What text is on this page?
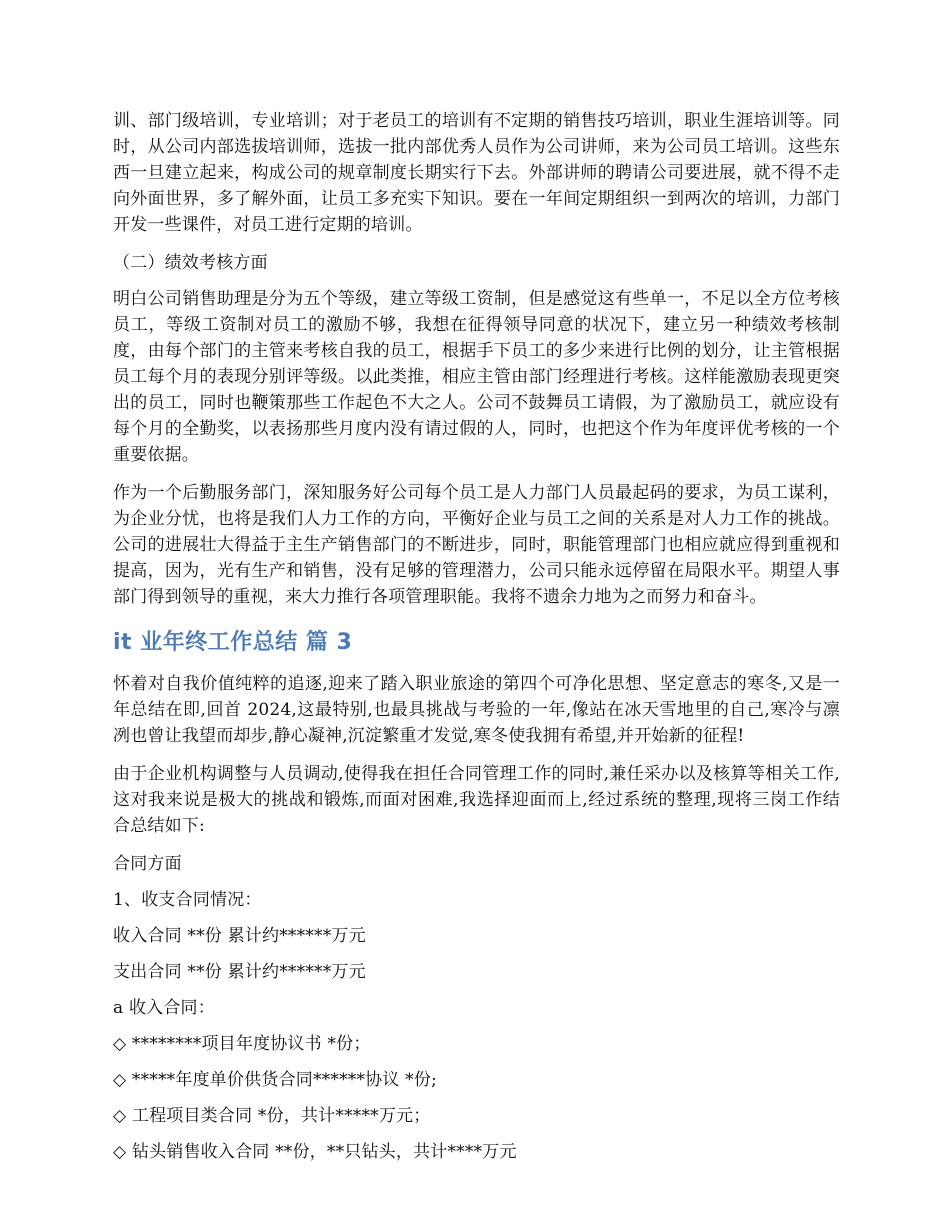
训、部门级培训，专业培训；对于老员工的培训有不定期的销售技巧培训，职业生涯培训等。同时，从公司内部选拔培训师，选拔一批内部优秀人员作为公司讲师，来为公司员工培训。这些东西一旦建立起来，构成公司的规章制度长期实行下去。外部讲师的聘请公司要进展，就不得不走向外面世界，多了解外面，让员工多充实下知识。要在一年间定期组织一到两次的培训，力部门开发一些课件，对员工进行定期的培训。

（二）绩效考核方面

明白公司销售助理是分为五个等级，建立等级工资制，但是感觉这有些单一，不足以全方位考核员工，等级工资制对员工的激励不够，我想在征得领导同意的状况下，建立另一种绩效考核制度，由每个部门的主管来考核自我的员工，根据手下员工的多少来进行比例的划分，让主管根据员工每个月的表现分别评等级。以此类推，相应主管由部门经理进行考核。这样能激励表现更突出的员工，同时也鞭策那些工作起色不大之人。公司不鼓舞员工请假，为了激励员工，就应设有每个月的全勤奖，以表扬那些月度内没有请过假的人，同时，也把这个作为年度评优考核的一个重要依据。

作为一个后勤服务部门，深知服务好公司每个员工是人力部门人员最起码的要求，为员工谋利，为企业分忧，也将是我们人力工作的方向，平衡好企业与员工之间的关系是对人力工作的挑战。公司的进展壮大得益于主生产销售部门的不断进步，同时，职能管理部门也相应就应得到重视和提高，因为，光有生产和销售，没有足够的管理潜力，公司只能永远停留在局限水平。期望人事部门得到领导的重视，来大力推行各项管理职能。我将不遗余力地为之而努力和奋斗。

it 业年终工作总结 篇 3

怀着对自我价值纯粹的追逐,迎来了踏入职业旅途的第四个可净化思想、坚定意志的寒冬,又是一年总结在即,回首 2024,这最特别,也最具挑战与考验的一年,像站在冰天雪地里的自己,寒冷与凛冽也曾让我望而却步,静心凝神,沉淀繁重才发觉,寒冬使我拥有希望,并开始新的征程!

由于企业机构调整与人员调动,使得我在担任合同管理工作的同时,兼任采办以及核算等相关工作,这对我来说是极大的挑战和锻炼,而面对困难,我选择迎面而上,经过系统的整理,现将三岗工作结合总结如下:

合同方面

1、收支合同情况：

收入合同 **份 累计约******万元

支出合同 **份 累计约******万元

a 收入合同：

◇ ********项目年度协议书 *份；

◇ *****年度单价供货合同******协议 *份;

◇ 工程项目类合同 *份，共计*****万元；

◇ 钻头销售收入合同 **份，**只钻头，共计****万元
